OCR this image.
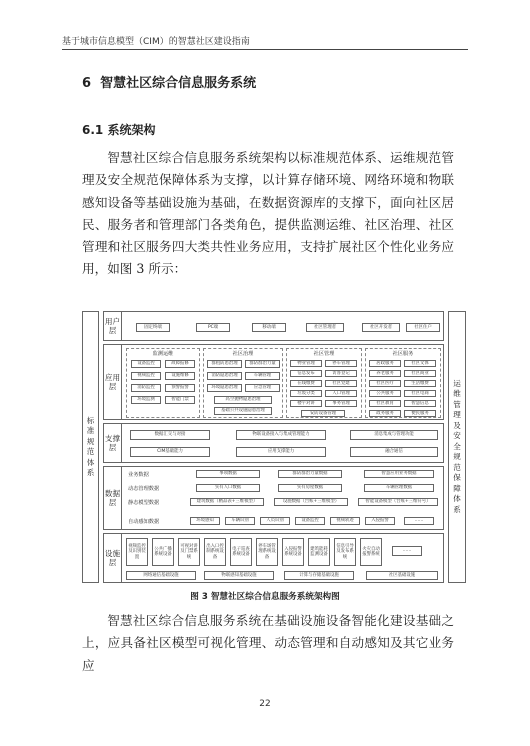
基于城市信息模型（CIM）的智慧社区建设指南
6 智慧社区综合信息服务系统
6.1 系统架构
智慧社区综合信息服务系统架构以标准规范体系、运维规范管理及安全规范保障体系为支撑，以计算存储环境、网络环境和物联感知设备等基础设施为基础，在数据资源库的支撑下，面向社区居民、服务者和管理部门各类角色，提供监测运维、社区治理、社区管理和社区服务四大类共性业务应用，支持扩展社区个性化业务应用，如图 3 所示：
标准规范体系
运维管理及安全规范保障体系
用户层	固定终端	PC端	移动端	社区管理者	社区开发者	社区住户
应用层
监测运维
设备监控	故障报修
视频监控	设施维修
消防监控	预警报警
环境监测	智能门禁
社区治理
群租防患治理	群防群治力量
消防隐患治理	车辆管理
环境隐患治理	应急管理
高空抛物隐患治理
基础公共设施隐患治理
社区管理
物业管理	停车管理
信息发布	访客登记
在线缴费	社区党建
垃圾分类	人口管理
楼宇对讲	事务管理
安防设备管理
社区服务
居政服务	社区文体
养老服务	社区商业
社区医疗	生活缴费
公共服务	社区电商
社区教育	智慧信息
政务服务	便民服务
支撑层
数据汇交与对接	物联设备接入与集成管理能力	消息集成与管理功能
CIM基础能力	应用支撑能力	融合通信
数据层
业务数据	事项数据	群防群治力量数据	智慧应用业务数据
动态管理数据	实有人口数据	实有房屋数据	车辆管理数据
静态模型数据	建筑数据（精品表+三维模型）	设施数据（台账+三维模型）	智能设备模型（台账+三维符号）
自动感知数据	环境感知	车辆识别	人员识别	设备监控	视频轨迹	入侵报警	……
设施层
视频监控及识别装置
公共广播系统设备
可视对讲及门禁系统
出入口控制系统设备
电子巡查系统设备
停车场管理系统设备
入侵报警系统设备
建筑能耗监测设备
信息引导及发布系统
火灾自动报警系统
……
网络通信基础设施	物联感知基础设施	计算与存储基础设施	社区基础设施
图 3 智慧社区综合信息服务系统架构图
智慧社区综合信息服务系统在基础设施设备智能化建设基础之上，应具备社区模型可视化管理、动态管理和自动感知及其它业务应
22
